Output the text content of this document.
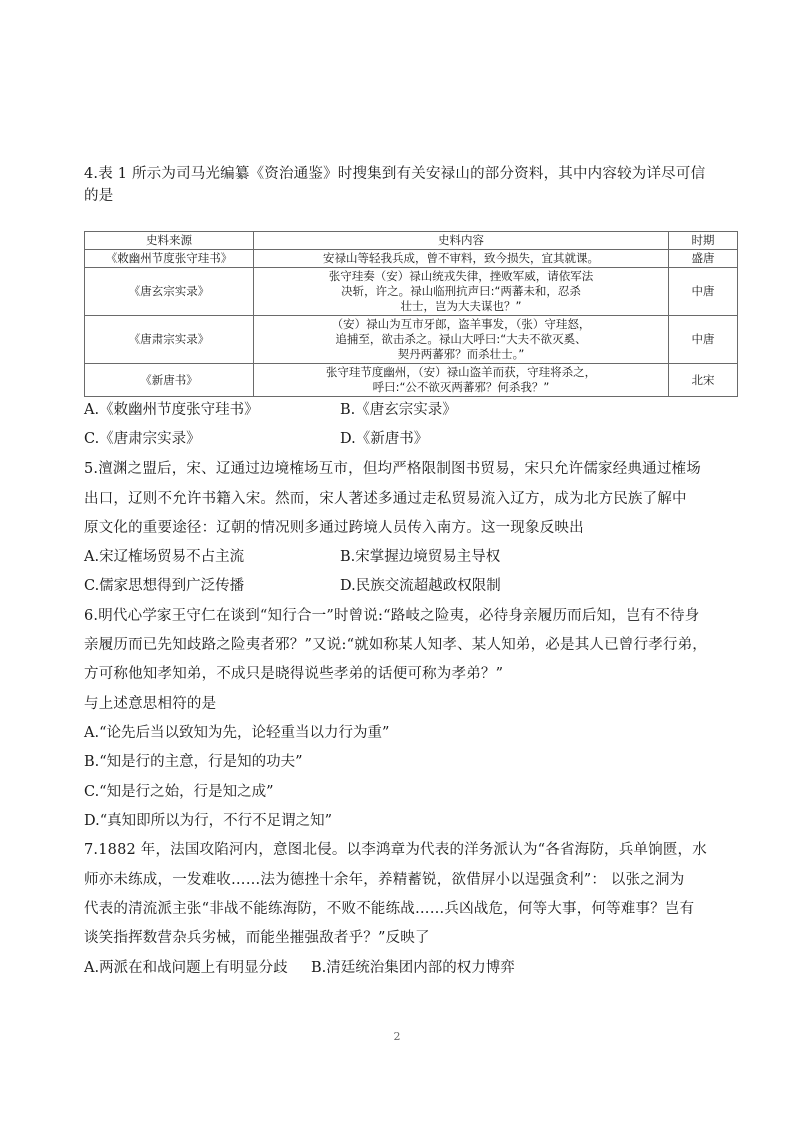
4.表 1 所示为司马光编纂《资治通鉴》时搜集到有关安禄山的部分资料，其中内容较为详尽可信
的是
史料来源	史料内容	时期
《敕幽州节度张守珪书》	安禄山等轻我兵成，曾不审料，致今损失，宜其就课。	盛唐
《唐玄宗实录》	张守珪奏（安）禄山统戎失律，挫败军威，请依军法
决斩，许之。禄山临刑抗声曰:“两蕃未和，忍杀
壮士，岂为大夫谋也？”	中唐
《唐肃宗实录》	（安）禄山为互市牙郎，盗羊事发，（张）守珪怒，
追捕至，欲击杀之。禄山大呼曰:“大夫不欲灭奚、
契丹两蕃邪？而杀壮士。”	中唐
《新唐书》	张守珪节度幽州，（安）禄山盗羊而获，守珪将杀之，
呼曰:“公不欲灭两蕃邪？何杀我？”	北宋
A.《敕幽州节度张守珪书》	B.《唐玄宗实录》
C.《唐肃宗实录》	D.《新唐书》
5.澶渊之盟后，宋、辽通过边境榷场互市，但均严格限制图书贸易，宋只允许儒家经典通过榷场
出口，辽则不允许书籍入宋。然而，宋人著述多通过走私贸易流入辽方，成为北方民族了解中
原文化的重要途径：辽朝的情况则多通过跨境人员传入南方。这一现象反映出
A.宋辽榷场贸易不占主流	B.宋掌握边境贸易主导权
C.儒家思想得到广泛传播	D.民族交流超越政权限制
6.明代心学家王守仁在谈到“知行合一”时曾说:“路岐之险夷，必待身亲履历而后知，岂有不待身
亲履历而已先知歧路之险夷者邪？”又说:“就如称某人知孝、某人知弟，必是其人已曾行孝行弟，
方可称他知孝知弟，不成只是晓得说些孝弟的话便可称为孝弟？”
与上述意思相符的是
A.“论先后当以致知为先，论轻重当以力行为重”
B.“知是行的主意，行是知的功夫”
C.“知是行之始，行是知之成”
D.“真知即所以为行，不行不足谓之知”
7.1882 年，法国攻陷河内，意图北侵。以李鸿章为代表的洋务派认为“各省海防，兵单饷匮，水
师亦未练成，一发难收……法为德挫十余年，养精蓄锐，欲借屏小以逞强贪利”： 以张之洞为
代表的清流派主张“非战不能练海防，不败不能练战……兵凶战危，何等大事，何等难事？岂有
谈笑指挥数营杂兵劣械，而能坐摧强敌者乎？”反映了
A.两派在和战问题上有明显分歧 B.清廷统治集团内部的权力博弈
2
